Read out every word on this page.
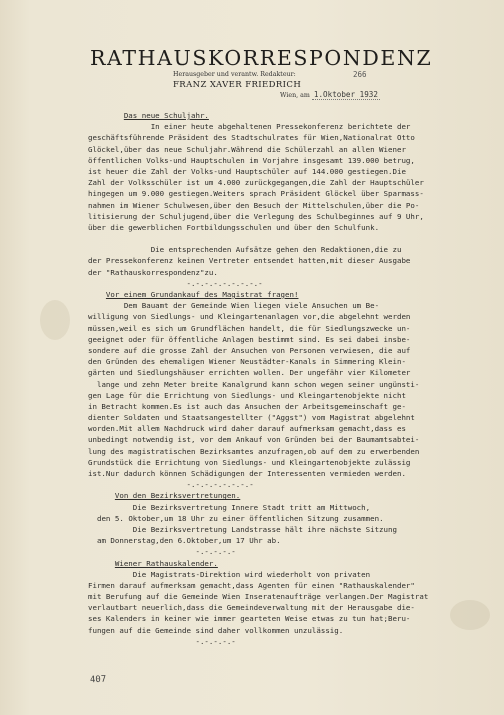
RATHAUSKORRESPONDENZ
Herausgeber und verantw. Redakteur:	266
FRANZ XAVER FRIEDRICH
Wien, am 1.Oktober 1932
Das neue Schuljahr.
In einer heute abgehaltenen Pressekonferenz berichtete der
geschäftsführende Präsident des Stadtschulrates für Wien,Nationalrat Otto
Glöckel,über das neue Schuljahr.Während die Schülerzahl an allen Wiener
öffentlichen Volks-und Hauptschulen im Vorjahre insgesamt 139.000 betrug,
ist heuer die Zahl der Volks-und Hauptschüler auf 144.000 gestiegen.Die
Zahl der Volksschüler ist um 4.000 zurückgegangen,die Zahl der Hauptschüler
hingegen um 9.000 gestiegen.Weiters sprach Präsident Glöckel über Sparmass-
nahmen im Wiener Schulwesen,über den Besuch der Mittelschulen,über die Po-
litisierung der Schuljugend,über die Verlegung des Schulbeginnes auf 9 Uhr,
über die gewerblichen Fortbildungsschulen und über den Schulfunk.
Die entsprechenden Aufsätze gehen den Redaktionen,die zu
der Pressekonferenz keinen Vertreter entsendet hatten,mit dieser Ausgabe
der "Rathauskorrespondenz"zu.
-.-.-.-.-.-.-.-.-
Vor einem Grundankauf des Magistrat fragen!
Dem Bauamt der Gemeinde Wien liegen viele Ansuchen um Be-
willigung von Siedlungs- und Kleingartenanlagen vor,die abgelehnt werden
müssen,weil es sich um Grundflächen handelt, die für Siedlungszwecke un-
geeignet oder für öffentliche Anlagen bestimmt sind. Es sei dabei insbe-
sondere auf die grosse Zahl der Ansuchen von Personen verwiesen, die auf
den Gründen des ehemaligen Wiener Neustädter-Kanals in Simmering Klein-
gärten und Siedlungshäuser errichten wollen. Der ungefähr vier Kilometer
lange und zehn Meter breite Kanalgrund kann schon wegen seiner ungünsti-
gen Lage für die Errichtung von Siedlungs- und Kleingartenobjekte nicht
in Betracht kommen.Es ist auch das Ansuchen der Arbeitsgemeinschaft ge-
dienter Soldaten und Staatsangestellter ("Aggst") vom Magistrat abgelehnt
worden.Mit allem Nachdruck wird daher darauf aufmerksam gemacht,dass es
unbedingt notwendig ist, vor dem Ankauf von Gründen bei der Baumamtsabtei-
lung des magistratischen Bezirksamtes anzufragen,ob auf dem zu erwerbenden
Grundstück die Errichtung von Siedlungs- und Kleingartenobjekte zulässig
ist.Nur dadurch können Schädigungen der Interessenten vermieden werden.
-.-.-.-.-.-.-.-
Von den Bezirksvertretungen.
Die Bezirksvertretung Innere Stadt tritt am Mittwoch,
den 5. Oktober,um 18 Uhr zu einer öffentlichen Sitzung zusammen.
Die Bezirksvertretung Landstrasse hält ihre nächste Sitzung
am Donnerstag,den 6.Oktober,um 17 Uhr ab.
-.-.-.-.-
Wiener Rathauskalender.
Die Magistrats-Direktion wird wiederholt von privaten
Firmen darauf aufmerksam gemacht,dass Agenten für einen "Rathauskalender"
mit Berufung auf die Gemeinde Wien Inseratenaufträge verlangen.Der Magistrat
verlautbart neuerlich,dass die Gemeindeverwaltung mit der Herausgabe die-
ses Kalenders in keiner wie immer gearteten Weise etwas zu tun hat;Beru-
fungen auf die Gemeinde sind daher vollkommen unzulässig.
-.-.-.-.-
407
